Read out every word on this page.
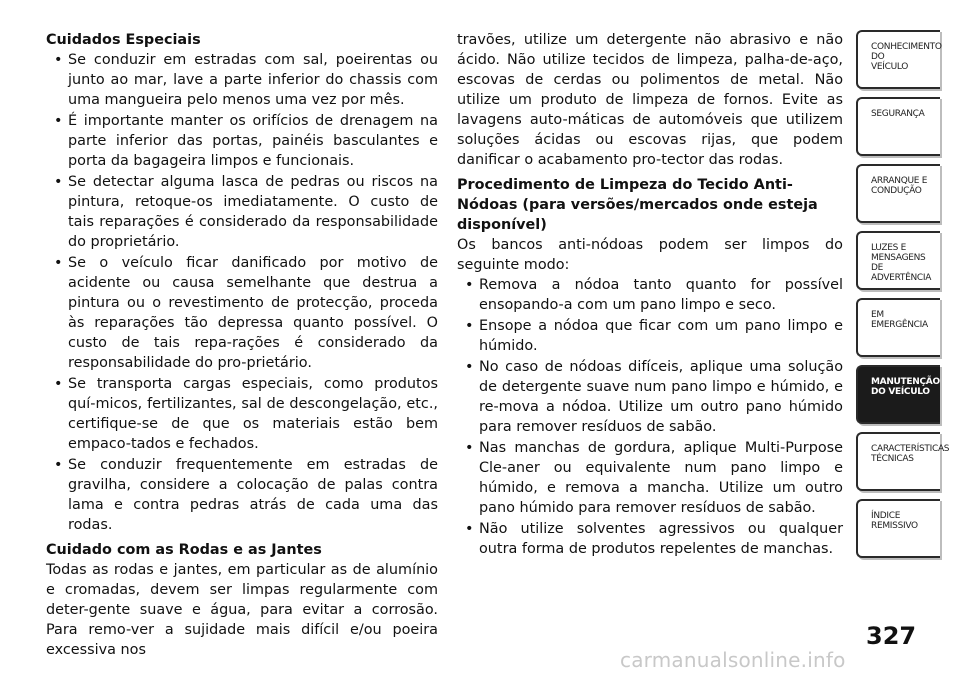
Cuidados Especiais
• Se conduzir em estradas com sal, poeirentas ou junto ao mar, lave a parte inferior do chassis com uma mangueira pelo menos uma vez por mês.
• É importante manter os orifícios de drenagem na parte inferior das portas, painéis basculantes e porta da bagageira limpos e funcionais.
• Se detectar alguma lasca de pedras ou riscos na pintura, retoque-os imediatamente. O custo de tais reparações é considerado da responsabilidade do proprietário.
• Se o veículo ficar danificado por motivo de acidente ou causa semelhante que destrua a pintura ou o revestimento de protecção, proceda às reparações tão depressa quanto possível. O custo de tais repa-rações é considerado da responsabilidade do pro-prietário.
• Se transporta cargas especiais, como produtos quí-micos, fertilizantes, sal de descongelação, etc., certifique-se de que os materiais estão bem empaco-tados e fechados.
• Se conduzir frequentemente em estradas de gravilha, considere a colocação de palas contra lama e contra pedras atrás de cada uma das rodas.
Cuidado com as Rodas e as Jantes

Todas as rodas e jantes, em particular as de alumínio e cromadas, devem ser limpas regularmente com deter-gente suave e água, para evitar a corrosão. Para remo-ver a sujidade mais difícil e/ou poeira excessiva nos

travões, utilize um detergente não abrasivo e não ácido. Não utilize tecidos de limpeza, palha-de-aço, escovas de cerdas ou polimentos de metal. Não utilize um produto de limpeza de fornos. Evite as lavagens auto-máticas de automóveis que utilizem soluções ácidas ou escovas rijas, que podem danificar o acabamento pro-tector das rodas.

Procedimento de Limpeza do Tecido Anti-Nódoas (para versões/mercados onde esteja disponível)

Os bancos anti-nódoas podem ser limpos do seguinte modo:

• Remova a nódoa tanto quanto for possível ensopando-a com um pano limpo e seco.
• Ensope a nódoa que ficar com um pano limpo e húmido.
• No caso de nódoas difíceis, aplique uma solução de detergente suave num pano limpo e húmido, e re-mova a nódoa. Utilize um outro pano húmido para remover resíduos de sabão.
• Nas manchas de gordura, aplique Multi-Purpose Cle-aner ou equivalente num pano limpo e húmido, e remova a mancha. Utilize um outro pano húmido para remover resíduos de sabão.
• Não utilize solventes agressivos ou qualquer outra forma de produtos repelentes de manchas.
CONHECIMENTO
DO
VEÍCULO
SEGURANÇA
ARRANQUE E
CONDUÇÃO
LUZES E
MENSAGENS
DE
ADVERTÊNCIA
EM
EMERGÊNCIA
MANUTENÇÃO
DO VEÍCULO
CARACTERÍSTICAS
TÉCNICAS
ÍNDICE
REMISSIVO
327
carmanualsonline.info
